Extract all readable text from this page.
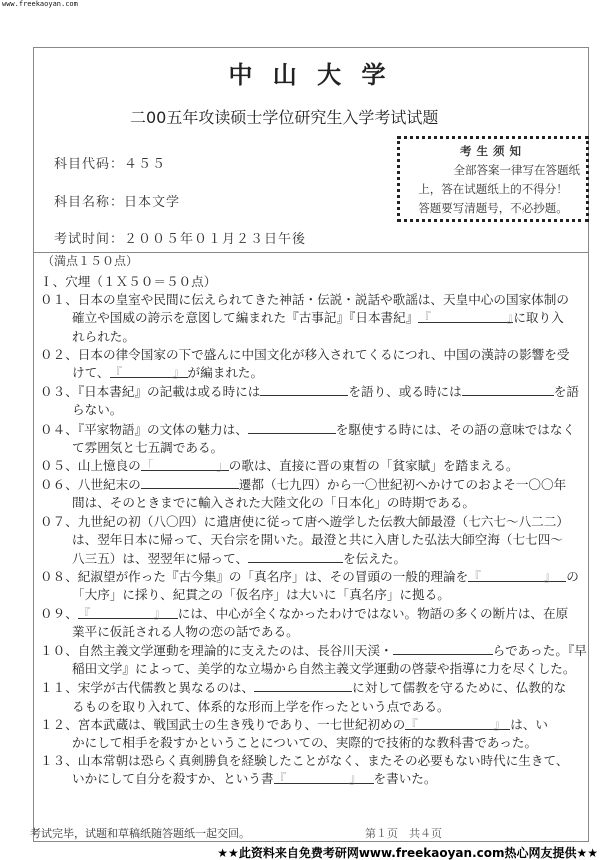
www.freekaoyan.com
中 山 大 学
二00五年攻读硕士学位研究生入学考试试题
科目代码：４５５
科目名称：日本文学
考试时间：２００５年０１月２３日午後
考生须知
全部答案一律写在答题纸
上，答在试题纸上的不得分！
答题要写清题号，不必抄题。
（満点１５０点）
Ｉ、穴埋（１Ｘ５０＝５０点）
０１、日本の皇室や民間に伝えられてきた神話・伝説・説話や歌謡は、天皇中心の国家体制の
確立や国威の誇示を意図して編まれた『古事記』『日本書紀』『　　　　　　』に取り入
れられた。
０２、日本の律令国家の下で盛んに中国文化が移入されてくるにつれ、中国の漢詩の影響を受
けて、『　　　　』 が編まれた。
０３、『日本書紀』の記載は或る時には	を語り、或る時には	を語
らない。
０４、『平家物語』の文体の魅力は、	を駆使する時には、その語の意味ではなく
て雰囲気と七五調である。
０５、山上憶良の「　　　　　」の歌は、直接に晋の東晳の「貧家賦」を踏まえる。
０６、八世紀末の	遷都（七九四）から一〇世紀初へかけてのおよそ一〇〇年
間は、そのときまでに輸入された大陸文化の「日本化」の時期である。
０７、九世紀の初（八〇四）に遣唐使に従って唐へ遊学した伝教大師最澄（七六七～八二二）
は、翌年日本に帰って、天台宗を開いた。最澄と共に入唐した弘法大師空海（七七四～
八三五）は、翌翌年に帰って、	を伝えた。
０８、紀淑望が作った『古今集』の「真名序」は、その冒頭の一般的理論を『　　　　　』 の
「大序」に採り、紀貫之の「仮名序」は大いに「真名序」に拠る。
０９、『　　　　　』 には、中心が全くなかったわけではない。物語の多くの断片は、在原
業平に仮託される人物の恋の話である。
１０、自然主義文学運動を理論的に支えたのは、長谷川天渓・	らであった。『早
稲田文学』によって、美学的な立場から自然主義文学運動の啓蒙や指導に力を尽くした。
１１、宋学が古代儒教と異なるのは、	に対して儒教を守るために、仏教的な
るものを取り入れて、体系的な形而上学を作ったという点である。
１２、宮本武蔵は、戦国武士の生き残りであり、一七世紀初めの『　　　　　　』 は、い
かにして相手を殺すかということについての、実際的で技術的な教科書であった。
１３、山本常朝は恐らく真剣勝負を経験したことがなく、またその必要もない時代に生きて、
いかにして自分を殺すか、という書『　　　　　』 を書いた。
考试完毕，试题和草稿纸随答题纸一起交回。	第１页　共４页
★★此资料来自免费考研网www.freekaoyan.com热心网友提供★★
